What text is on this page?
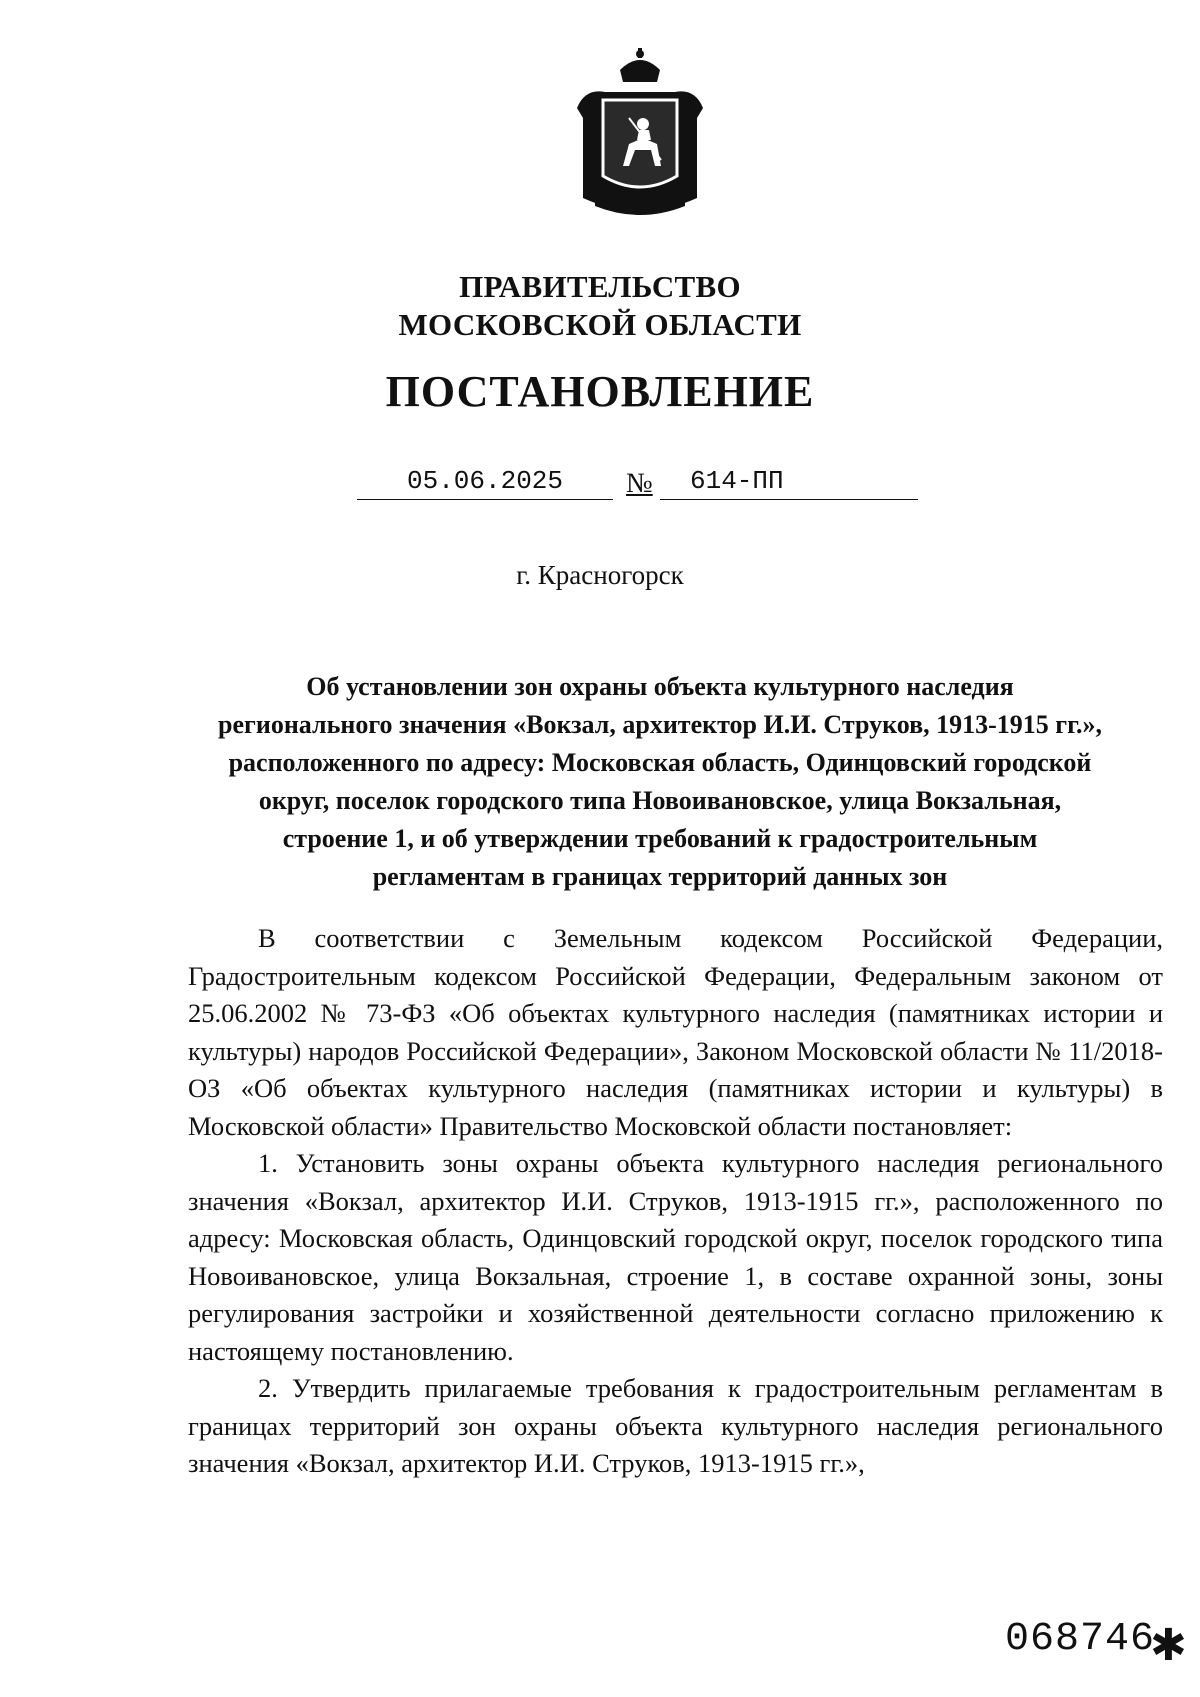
ПРАВИТЕЛЬСТВО
МОСКОВСКОЙ ОБЛАСТИ
ПОСТАНОВЛЕНИЕ
05.06.2025	№	614-ПП
г. Красногорск
Об установлении зон охраны объекта культурного наследия
регионального значения «Вокзал, архитектор И.И. Струков, 1913-1915 гг.»,
расположенного по адресу: Московская область, Одинцовский городской
округ, поселок городского типа Новоивановское, улица Вокзальная,
строение 1, и об утверждении требований к градостроительным
регламентам в границах территорий данных зон

В соответствии с Земельным кодексом Российской Федерации, Градостроительным кодексом Российской Федерации, Федеральным законом от 25.06.2002 № 73-ФЗ «Об объектах культурного наследия (памятниках истории и культуры) народов Российской Федерации», Законом Московской области № 11/2018-ОЗ «Об объектах культурного наследия (памятниках истории и культуры) в Московской области» Правительство Московской области постановляет:

1. Установить зоны охраны объекта культурного наследия регионального значения «Вокзал, архитектор И.И. Струков, 1913-1915 гг.», расположенного по адресу: Московская область, Одинцовский городской округ, поселок городского типа Новоивановское, улица Вокзальная, строение 1, в составе охранной зоны, зоны регулирования застройки и хозяйственной деятельности согласно приложению к настоящему постановлению.

2. Утвердить прилагаемые требования к градостроительным регламентам в границах территорий зон охраны объекта культурного наследия регионального значения «Вокзал, архитектор И.И. Струков, 1913-1915 гг.»,

068746
✱
